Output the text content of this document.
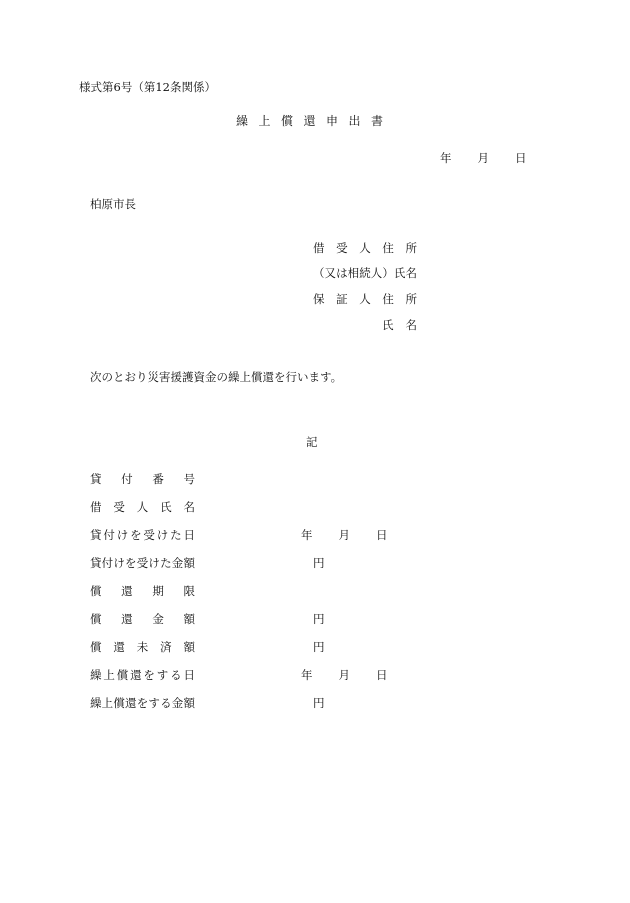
様式第6号（第12条関係）
繰上償還申出書
年 月 日
柏原市長
借受人住所
（又は相続人）氏名
保証人住所
氏名
次のとおり災害援護資金の繰上償還を行います。
記
貸付番号
借受人氏名
貸付けを受けた日	年 月 日
貸付けを受けた金額	円
償還期限
償還金額	円
償還未済額	円
繰上償還をする日	年 月 日
繰上償還をする金額	円
